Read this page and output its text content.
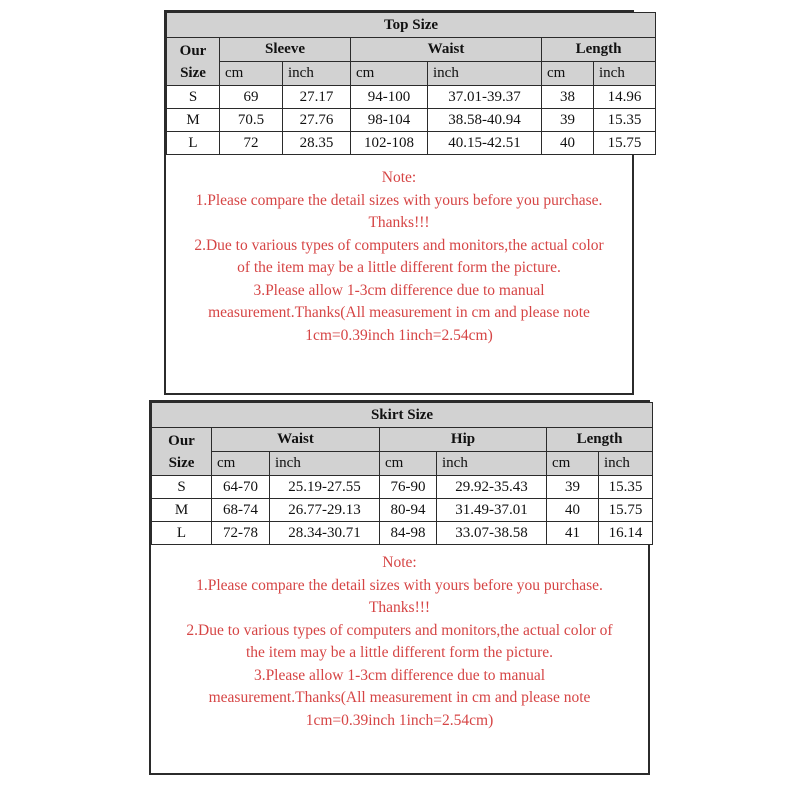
Top Size						

Our
Size	Sleeve		Waist		Length	
	cm	inch	cm	inch	cm	inch
S	69	27.17	94-100	37.01-39.37	38	14.96
M	70.5	27.76	98-104	38.58-40.94	39	15.35
L	72	28.35	102-108	40.15-42.51	40	15.75
Note:
1.Please compare the detail sizes with yours before you purchase.
Thanks!!!
2.Due to various types of computers and monitors,the actual color
of the item may be a little different form the picture.
3.Please allow 1-3cm difference due to manual
measurement.Thanks(All measurement in cm and please note
1cm=0.39inch 1inch=2.54cm)
Skirt Size						

Our
Size	Waist		Hip		Length	
	cm	inch	cm	inch	cm	inch
S	64-70	25.19-27.55	76-90	29.92-35.43	39	15.35
M	68-74	26.77-29.13	80-94	31.49-37.01	40	15.75
L	72-78	28.34-30.71	84-98	33.07-38.58	41	16.14
Note:
1.Please compare the detail sizes with yours before you purchase.
Thanks!!!
2.Due to various types of computers and monitors,the actual color of
the item may be a little different form the picture.
3.Please allow 1-3cm difference due to manual
measurement.Thanks(All measurement in cm and please note
1cm=0.39inch 1inch=2.54cm)
